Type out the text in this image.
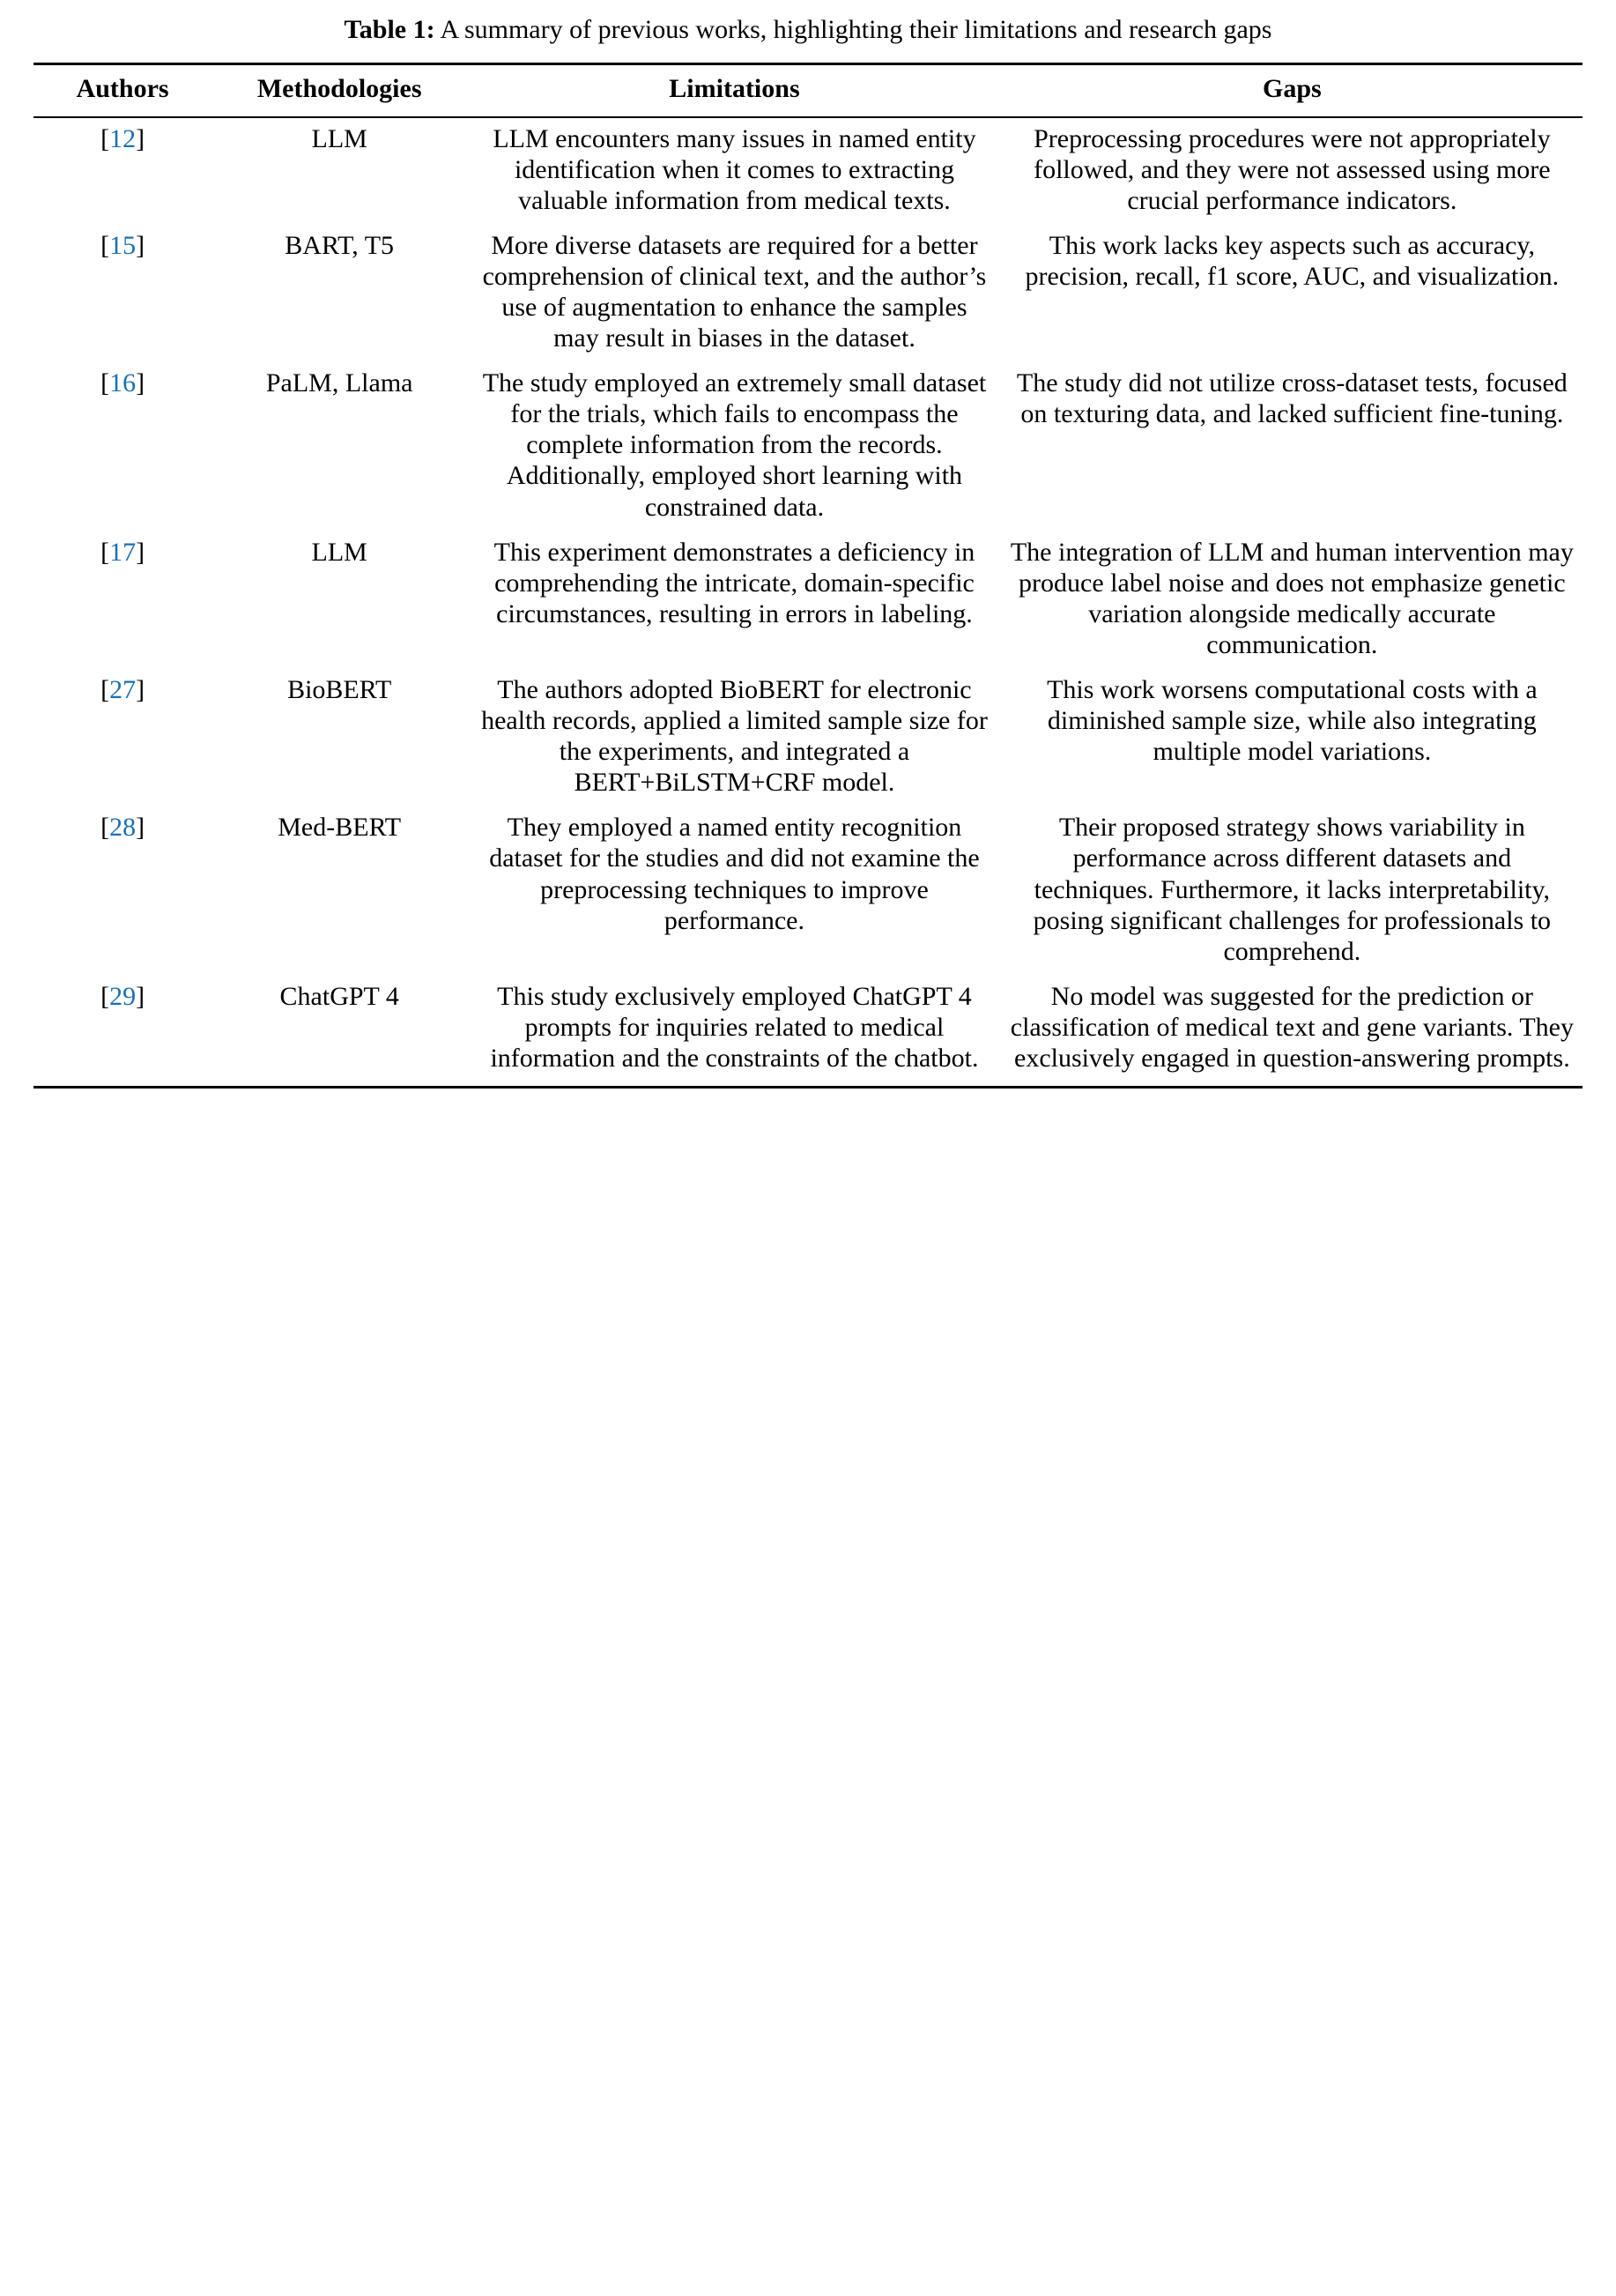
Table 1: A summary of previous works, highlighting their limitations and research gaps
Authors	Methodologies	Limitations	Gaps
[12]	LLM	LLM encounters many issues in named entity identification when it comes to extracting valuable information from medical texts.	Preprocessing procedures were not appropriately followed, and they were not assessed using more crucial performance indicators.
[15]	BART, T5	More diverse datasets are required for a better comprehension of clinical text, and the author’s use of augmentation to enhance the samples may result in biases in the dataset.	This work lacks key aspects such as accuracy, precision, recall, f1 score, AUC, and visualization.
[16]	PaLM, Llama	The study employed an extremely small dataset for the trials, which fails to encompass the complete information from the records. Additionally, employed short learning with constrained data.	The study did not utilize cross-dataset tests, focused on texturing data, and lacked sufficient fine-tuning.
[17]	LLM	This experiment demonstrates a deficiency in comprehending the intricate, domain-specific circumstances, resulting in errors in labeling.	The integration of LLM and human intervention may produce label noise and does not emphasize genetic variation alongside medically accurate communication.
[27]	BioBERT	The authors adopted BioBERT for electronic health records, applied a limited sample size for the experiments, and integrated a BERT+BiLSTM+CRF model.	This work worsens computational costs with a diminished sample size, while also integrating multiple model variations.
[28]	Med-BERT	They employed a named entity recognition dataset for the studies and did not examine the preprocessing techniques to improve performance.	Their proposed strategy shows variability in performance across different datasets and techniques. Furthermore, it lacks interpretability, posing significant challenges for professionals to comprehend.
[29]	ChatGPT 4	This study exclusively employed ChatGPT 4 prompts for inquiries related to medical information and the constraints of the chatbot.	No model was suggested for the prediction or classification of medical text and gene variants. They exclusively engaged in question-answering prompts.
